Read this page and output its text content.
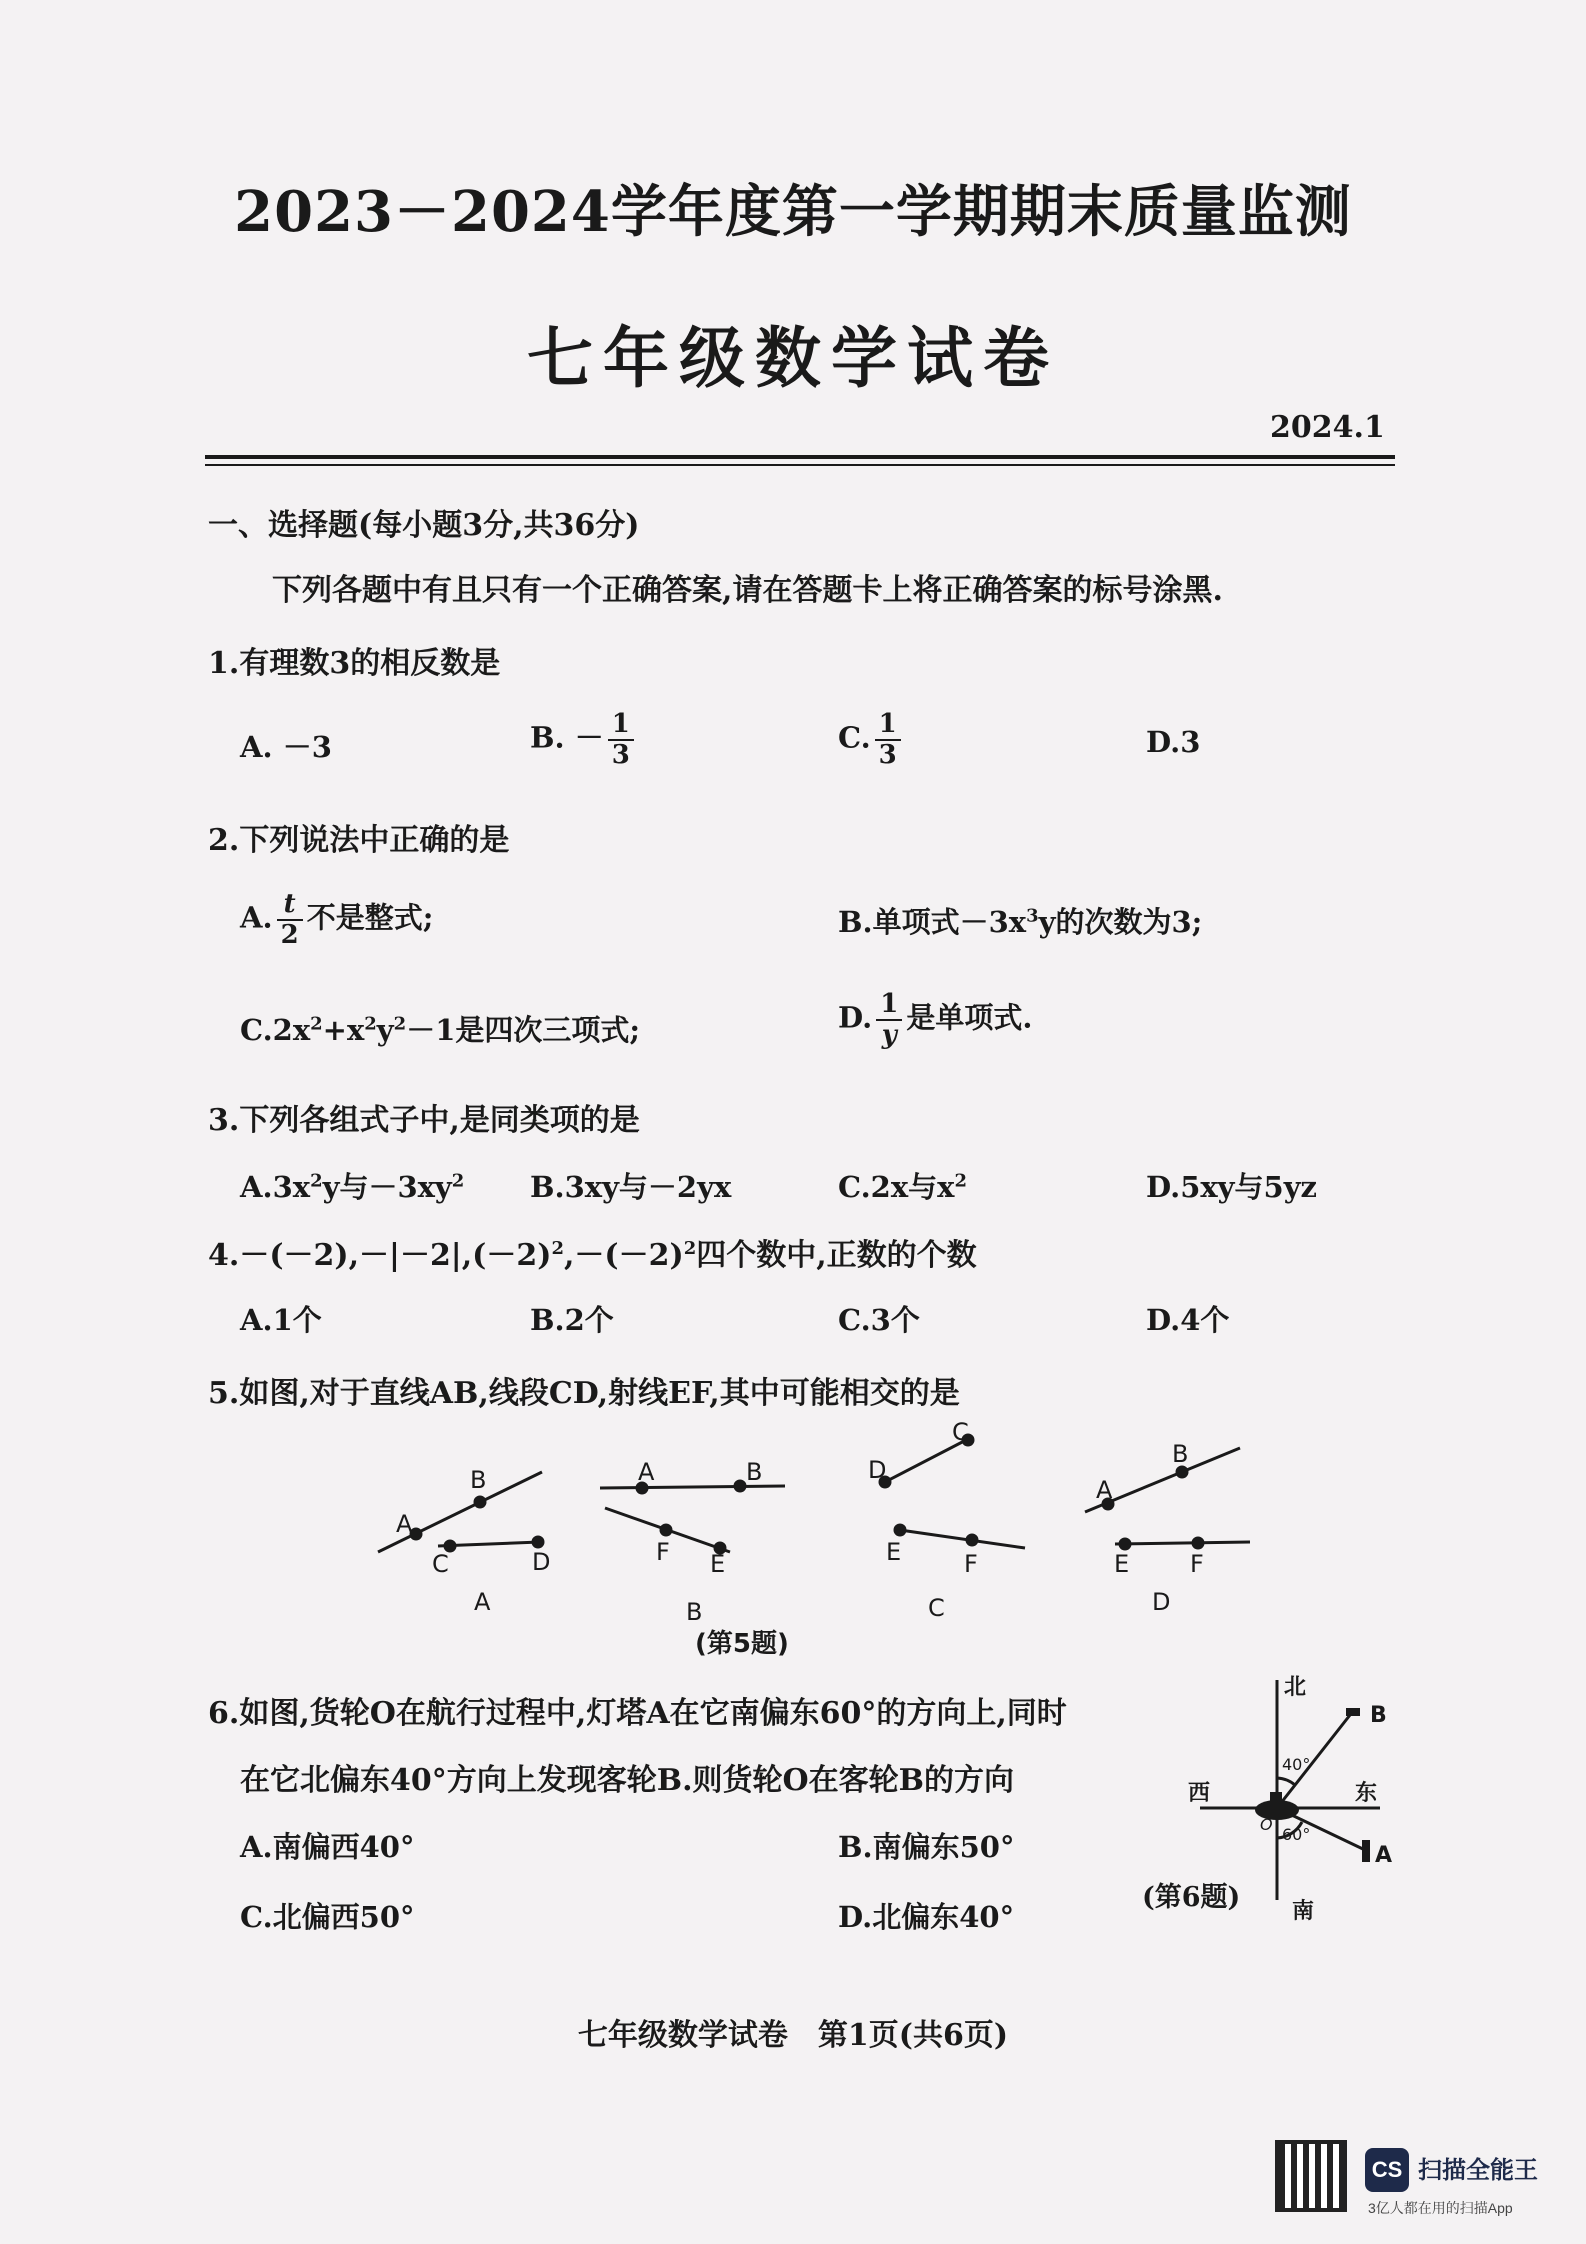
2023－2024学年度第一学期期末质量监测
七年级数学试卷
2024.1
一、选择题(每小题3分,共36分)
下列各题中有且只有一个正确答案,请在答题卡上将正确答案的标号涂黑.
1.有理数3的相反数是
A. －3	B. － $\frac{1}{3}$	C. $\frac{1}{3}$	D.3
2.下列说法中正确的是
A. $\frac{t}{2}$ 不是整式;	B.单项式$-3x^3y$的次数为3;
$C.2x^2+x^2y^2-1$是四次三项式;	D. $\frac{1}{y}$ 是单项式.
3.下列各组式子中,是同类项的是
$A.3x^2y$与$-3xy^2$ B.3xy与－2yx	C.2x与$x^2$	D.5xy与5yz
$4.-(-2),-|-2|,(-2)^2,-(-2)^2$四个数中,正数的个数
A.1个	B.2个	C.3个	D.4个
5.如图,对于直线AB,线段CD,射线EF,其中可能相交的是
A
B
C	D
A
A	B
F E
B
C
D
E	F
C
A
B
E	F
D
(第5题)
6.如图,货轮O在航行过程中,灯塔A在它南偏东60°的方向上,同时
在它北偏东40°方向上发现客轮B.则货轮O在客轮B的方向
A.南偏西40°	B.南偏东50°
C.北偏西50°	D.北偏东40°
北
西	东
南
B
A
40°
O
60°
(第6题)
七年级数学试卷　第1页(共6页)
CS 扫描全能王
3亿人都在用的扫描App
